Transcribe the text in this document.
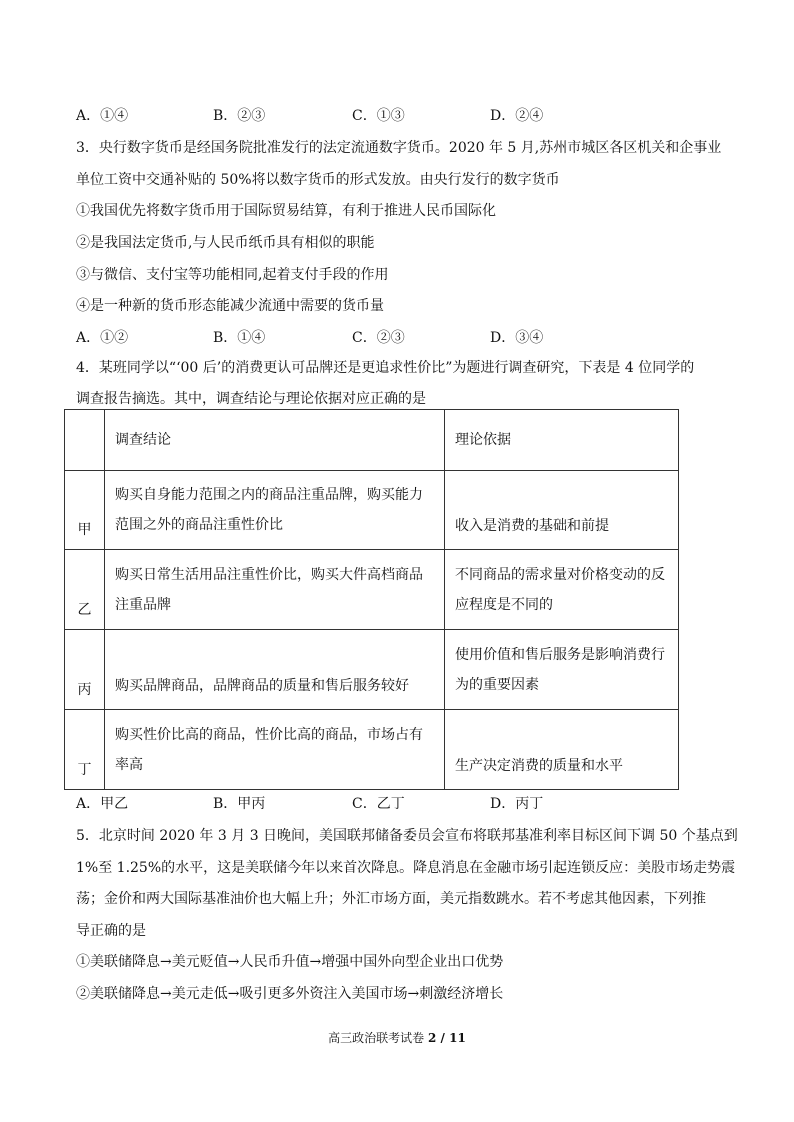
A．①④	B．②③	C．①③	D．②④
3．央行数字货币是经国务院批准发行的法定流通数字货币。2020 年 5 月,苏州市城区各区机关和企事业
单位工资中交通补贴的 50%将以数字货币的形式发放。由央行发行的数字货币
①我国优先将数字货币用于国际贸易结算，有利于推进人民币国际化
②是我国法定货币,与人民币纸币具有相似的职能
③与微信、支付宝等功能相同,起着支付手段的作用
④是一种新的货币形态能减少流通中需要的货币量
A．①②	B．①④	C．②③	D．③④
4．某班同学以“‘00 后’的消费更认可品牌还是更追求性价比”为题进行调查研究，下表是 4 位同学的
调查报告摘选。其中，调查结论与理论依据对应正确的是

	调查结论	理论依据

甲	购买自身能力范围之内的商品注重品牌，购买能力范围之外的商品注重性价比	收入是消费的基础和前提

乙	购买日常生活用品注重性价比，购买大件高档商品注重品牌	不同商品的需求量对价格变动的反应程度是不同的

丙	购买品牌商品，品牌商品的质量和售后服务较好	使用价值和售后服务是影响消费行为的重要因素

丁	购买性价比高的商品，性价比高的商品，市场占有率高	生产决定消费的质量和水平
A．甲乙	B．甲丙	C．乙丁	D．丙丁
5．北京时间 2020 年 3 月 3 日晚间，美国联邦储备委员会宣布将联邦基准利率目标区间下调 50 个基点到
1%至 1.25%的水平，这是美联储今年以来首次降息。降息消息在金融市场引起连锁反应：美股市场走势震
荡；金价和两大国际基准油价也大幅上升；外汇市场方面，美元指数跳水。若不考虑其他因素，下列推
导正确的是
①美联储降息→美元贬值→人民币升值→增强中国外向型企业出口优势
②美联储降息→美元走低→吸引更多外资注入美国市场→刺激经济增长
高三政治联考试卷 2 / 11
